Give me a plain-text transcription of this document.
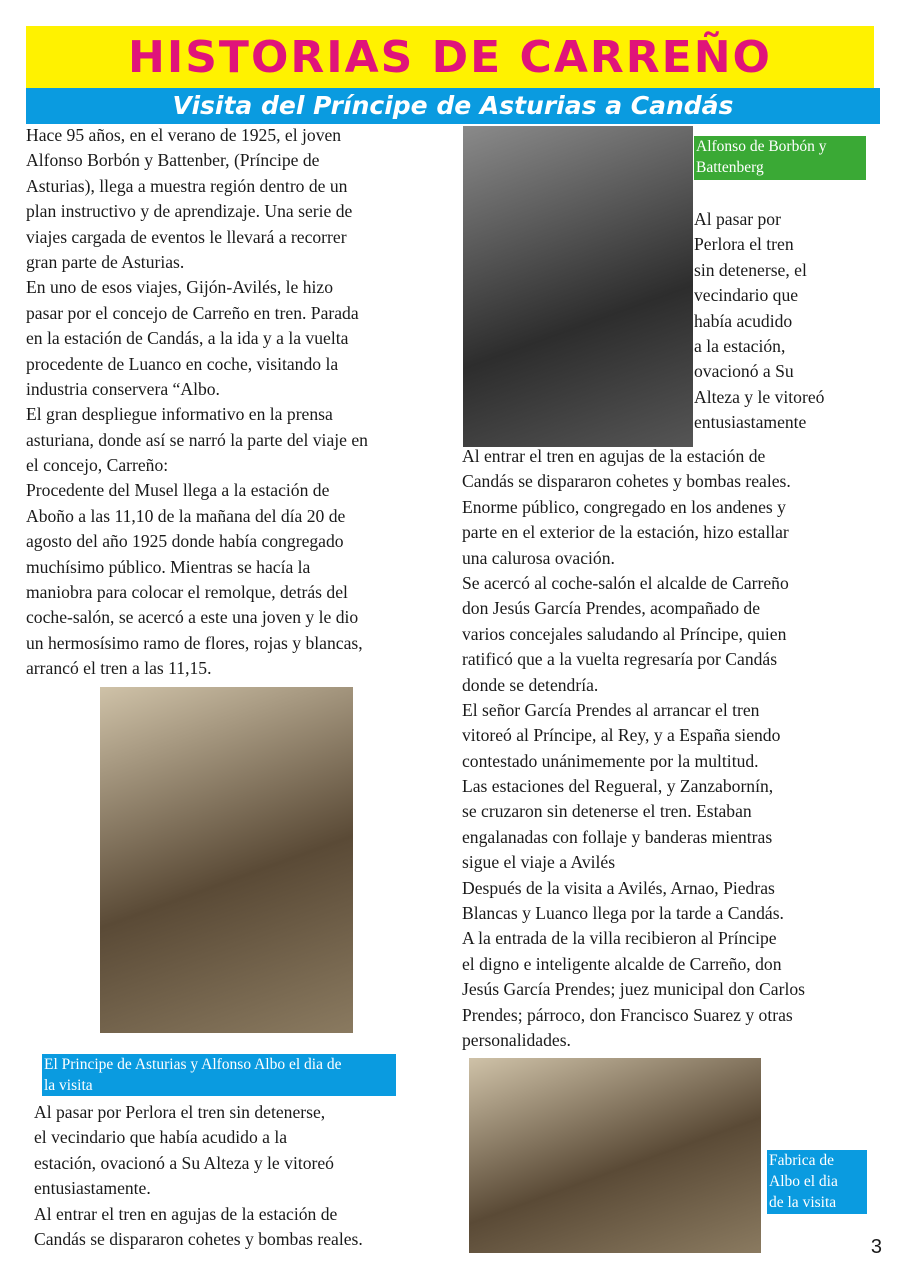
HISTORIAS DE CARREÑO
Visita del Príncipe de Asturias a Candás
Hace 95 años, en el verano de 1925, el joven
Alfonso Borbón y Battenber, (Príncipe de
Asturias), llega a muestra región dentro de un
plan instructivo y de aprendizaje. Una serie de
viajes cargada de eventos le llevará a recorrer
gran parte de Asturias.
En uno de esos viajes, Gijón-Avilés, le hizo
pasar por el concejo de Carreño en tren. Parada
en la estación de Candás, a la ida y a la vuelta
procedente de Luanco en coche, visitando la
industria conservera “Albo.
El gran despliegue informativo en la prensa
asturiana, donde así se narró la parte del viaje en
el concejo, Carreño:
Procedente del Musel llega a la estación de
Aboño a las 11,10 de la mañana del día 20 de
agosto del año 1925 donde había congregado
muchísimo público. Mientras se hacía la
maniobra para colocar el remolque, detrás del
coche-salón, se acercó a este una joven y le dio
un hermosísimo ramo de flores, rojas y blancas,
arrancó el tren a las 11,15.
Alfonso de Borbón y
Battenberg
Al pasar por
Perlora el tren
sin detenerse, el
vecindario que
había acudido
a la estación,
ovacionó a Su
Alteza y le vitoreó
entusiastamente
Al entrar el tren en agujas de la estación de
Candás se dispararon cohetes y bombas reales.
Enorme público, congregado en los andenes y
parte en el exterior de la estación, hizo estallar
una calurosa ovación.
Se acercó al coche-salón el alcalde de Carreño
don Jesús García Prendes, acompañado de
varios concejales saludando al Príncipe, quien
ratificó que a la vuelta regresaría por Candás
donde se detendría.
El señor García Prendes al arrancar el tren
vitoreó al Príncipe, al Rey, y a España siendo
contestado unánimemente por la multitud.
Las estaciones del Regueral, y Zanzabornín,
se cruzaron sin detenerse el tren. Estaban
engalanadas con follaje y banderas mientras
sigue el viaje a Avilés
Después de la visita a Avilés, Arnao, Piedras
Blancas y Luanco llega por la tarde a Candás.
A la entrada de la villa recibieron al Príncipe
el digno e inteligente alcalde de Carreño, don
Jesús García Prendes; juez municipal don Carlos
Prendes; párroco, don Francisco Suarez y otras
personalidades.
El Principe de Asturias y Alfonso Albo el dia de
la visita
Al pasar por Perlora el tren sin detenerse,
el vecindario que había acudido a la
estación, ovacionó a Su Alteza y le vitoreó
entusiastamente.
Al entrar el tren en agujas de la estación de
Candás se dispararon cohetes y bombas reales.
Fabrica de
Albo el dia
de la visita
3
